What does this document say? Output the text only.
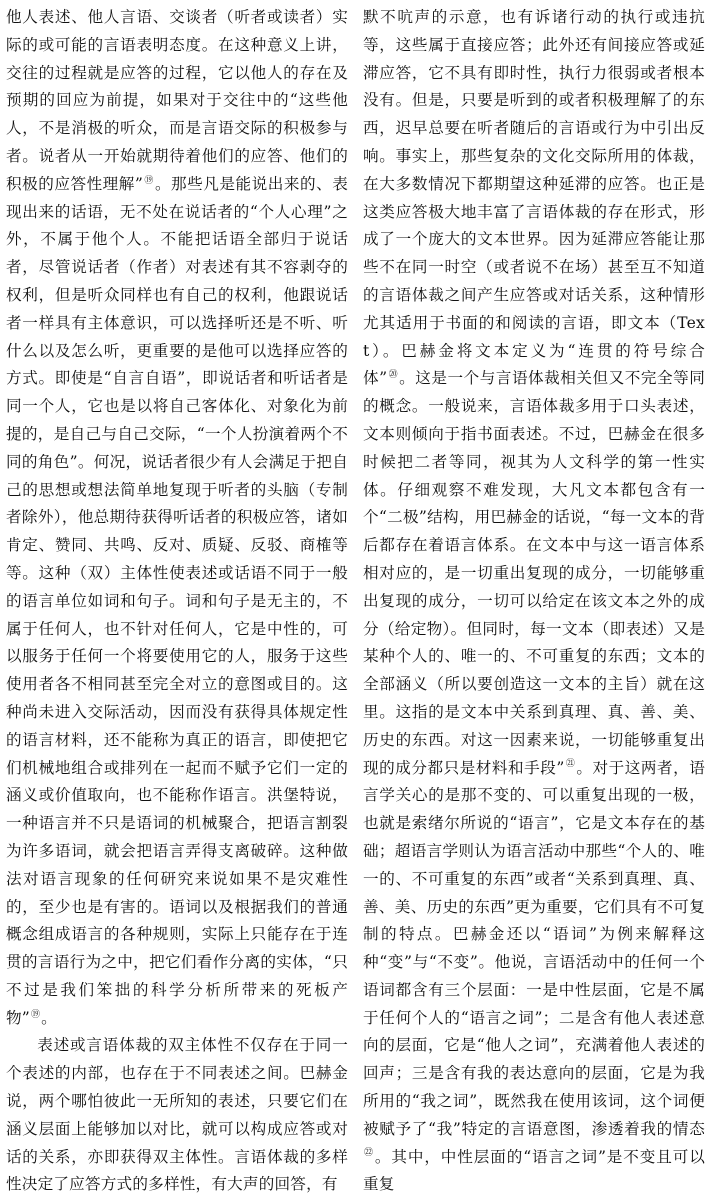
他人表述、他人言语、交谈者（听者或读者）实际的或可能的言语表明态度。在这种意义上讲，交往的过程就是应答的过程，它以他人的存在及预期的回应为前提，如果对于交往中的“这些他人，不是消极的听众，而是言语交际的积极参与者。说者从一开始就期待着他们的应答、他们的积极的应答性理解”⑲。那些凡是能说出来的、表现出来的话语，无不处在说话者的“个人心理”之外，不属于他个人。不能把话语全部归于说话者，尽管说话者（作者）对表述有其不容剥夺的权利，但是听众同样也有自己的权利，他跟说话者一样具有主体意识，可以选择听还是不听、听什么以及怎么听，更重要的是他可以选择应答的方式。即使是“自言自语”，即说话者和听话者是同一个人，它也是以将自己客体化、对象化为前提的，是自己与自己交际，“一个人扮演着两个不同的角色”。何况，说话者很少有人会满足于把自己的思想或想法简单地复现于听者的头脑（专制者除外），他总期待获得听话者的积极应答，诸如肯定、赞同、共鸣、反对、质疑、反驳、商榷等等。这种（双）主体性使表述或话语不同于一般的语言单位如词和句子。词和句子是无主的，不属于任何人，也不针对任何人，它是中性的，可以服务于任何一个将要使用它的人，服务于这些使用者各不相同甚至完全对立的意图或目的。这种尚未进入交际活动，因而没有获得具体规定性的语言材料，还不能称为真正的语言，即使把它们机械地组合或排列在一起而不赋予它们一定的涵义或价值取向，也不能称作语言。洪堡特说，一种语言并不只是语词的机械聚合，把语言割裂为许多语词，就会把语言弄得支离破碎。这种做法对语言现象的任何研究来说如果不是灾难性的，至少也是有害的。语词以及根据我们的普通概念组成语言的各种规则，实际上只能存在于连贯的言语行为之中，把它们看作分离的实体，“只不过是我们笨拙的科学分析所带来的死板产物”⑲。

表述或言语体裁的双主体性不仅存在于同一个表述的内部，也存在于不同表述之间。巴赫金说，两个哪怕彼此一无所知的表述，只要它们在涵义层面上能够加以对比，就可以构成应答或对话的关系，亦即获得双主体性。言语体裁的多样性决定了应答方式的多样性，有大声的回答，有

默不吭声的示意，也有诉诸行动的执行或违抗等，这些属于直接应答；此外还有间接应答或延滞应答，它不具有即时性，执行力很弱或者根本没有。但是，只要是听到的或者积极理解了的东西，迟早总要在听者随后的言语或行为中引出反响。事实上，那些复杂的文化交际所用的体裁，在大多数情况下都期望这种延滞的应答。也正是这类应答极大地丰富了言语体裁的存在形式，形成了一个庞大的文本世界。因为延滞应答能让那些不在同一时空（或者说不在场）甚至互不知道的言语体裁之间产生应答或对话关系，这种情形尤其适用于书面的和阅读的言语，即文本（Text）。巴赫金将文本定义为“连贯的符号综合体”⑳。这是一个与言语体裁相关但又不完全等同的概念。一般说来，言语体裁多用于口头表述，文本则倾向于指书面表述。不过，巴赫金在很多时候把二者等同，视其为人文科学的第一性实体。仔细观察不难发现，大凡文本都包含有一个“二极”结构，用巴赫金的话说，“每一文本的背后都存在着语言体系。在文本中与这一语言体系相对应的，是一切重出复现的成分，一切能够重出复现的成分，一切可以给定在该文本之外的成分（给定物）。但同时，每一文本（即表述）又是某种个人的、唯一的、不可重复的东西；文本的全部涵义（所以要创造这一文本的主旨）就在这里。这指的是文本中关系到真理、真、善、美、历史的东西。对这一因素来说，一切能够重复出现的成分都只是材料和手段”$^㉑$。对于这两者，语言学关心的是那不变的、可以重复出现的一极，也就是索绪尔所说的“语言”，它是文本存在的基础；超语言学则认为语言活动中那些“个人的、唯一的、不可重复的东西”或者“关系到真理、真、善、美、历史的东西”更为重要，它们具有不可复制的特点。巴赫金还以“语词”为例来解释这种“变”与“不变”。他说，言语活动中的任何一个语词都含有三个层面：一是中性层面，它是不属于任何个人的“语言之词”；二是含有他人表述意向的层面，它是“他人之词”，充满着他人表述的回声；三是含有我的表达意向的层面，它是为我所用的“我之词”，既然我在使用该词，这个词便被赋予了“我”特定的言语意图，渗透着我的情态$^㉒$。其中，中性层面的“语言之词”是不变且可以重复
